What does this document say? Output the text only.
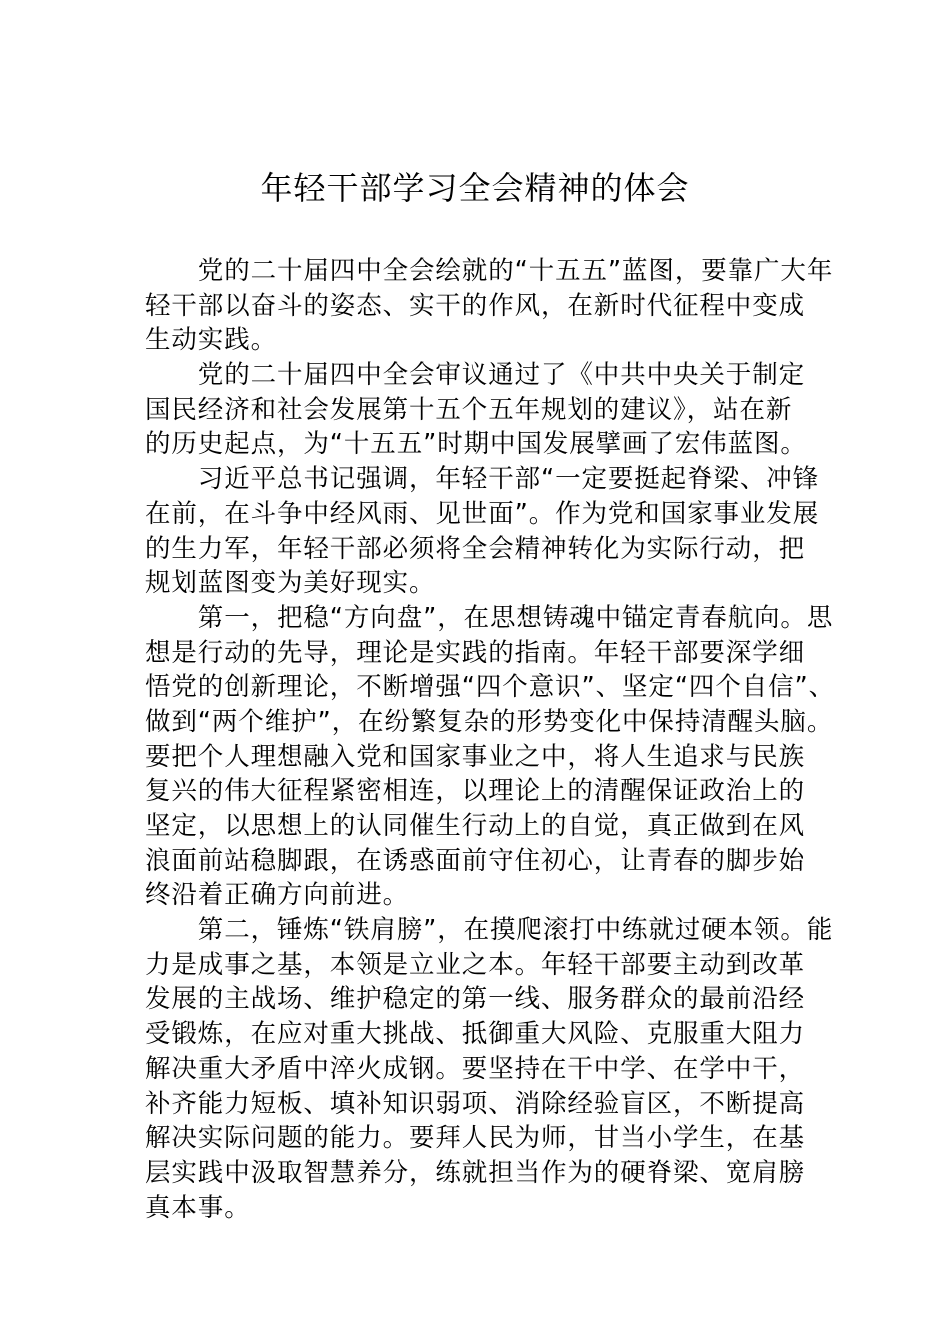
年轻干部学习全会精神的体会
　　党的二十届四中全会绘就的“十五五”蓝图，要靠广大年
轻干部以奋斗的姿态、实干的作风，在新时代征程中变成
生动实践。
　　党的二十届四中全会审议通过了《中共中央关于制定
国民经济和社会发展第十五个五年规划的建议》，站在新
的历史起点，为“十五五”时期中国发展擘画了宏伟蓝图。
　　习近平总书记强调，年轻干部“一定要挺起脊梁、冲锋
在前，在斗争中经风雨、见世面”。作为党和国家事业发展
的生力军，年轻干部必须将全会精神转化为实际行动，把
规划蓝图变为美好现实。
　　第一，把稳“方向盘”，在思想铸魂中锚定青春航向。思
想是行动的先导，理论是实践的指南。年轻干部要深学细
悟党的创新理论，不断增强“四个意识”、坚定“四个自信”、
做到“两个维护”，在纷繁复杂的形势变化中保持清醒头脑。
要把个人理想融入党和国家事业之中，将人生追求与民族
复兴的伟大征程紧密相连，以理论上的清醒保证政治上的
坚定，以思想上的认同催生行动上的自觉，真正做到在风
浪面前站稳脚跟，在诱惑面前守住初心，让青春的脚步始
终沿着正确方向前进。
　　第二，锤炼“铁肩膀”，在摸爬滚打中练就过硬本领。能
力是成事之基，本领是立业之本。年轻干部要主动到改革
发展的主战场、维护稳定的第一线、服务群众的最前沿经
受锻炼，在应对重大挑战、抵御重大风险、克服重大阻力
解决重大矛盾中淬火成钢。要坚持在干中学、在学中干，
补齐能力短板、填补知识弱项、消除经验盲区，不断提高
解决实际问题的能力。要拜人民为师，甘当小学生，在基
层实践中汲取智慧养分，练就担当作为的硬脊梁、宽肩膀
真本事。
